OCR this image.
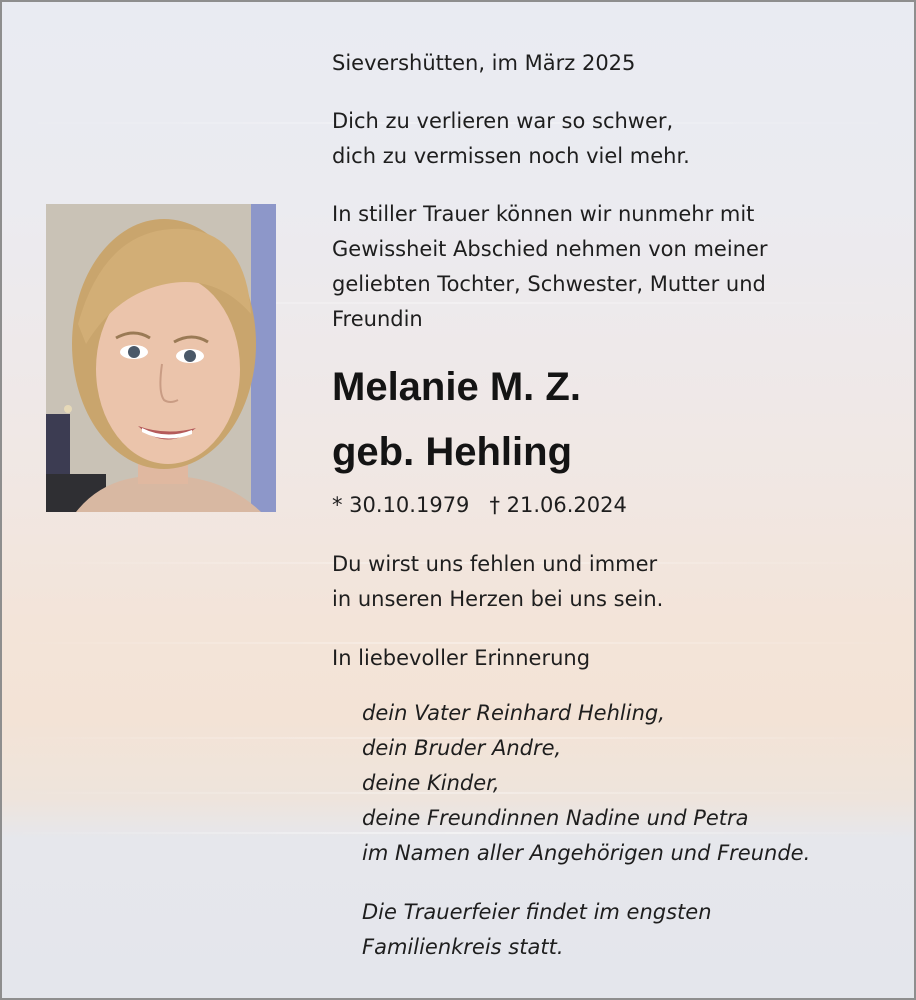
Sievershütten, im März 2025
Dich zu verlieren war so schwer,
dich zu vermissen noch viel mehr.
In stiller Trauer können wir nunmehr mit
Gewissheit Abschied nehmen von meiner
geliebten Tochter, Schwester, Mutter und
Freundin
Melanie M. Z.
geb. Hehling
* 30.10.1979   † 21.06.2024
Du wirst uns fehlen und immer
in unseren Herzen bei uns sein.
In liebevoller Erinnerung
dein Vater Reinhard Hehling,
dein Bruder Andre,
deine Kinder,
deine Freundinnen Nadine und Petra
im Namen aller Angehörigen und Freunde.
Die Trauerfeier findet im engsten
Familienkreis statt.
